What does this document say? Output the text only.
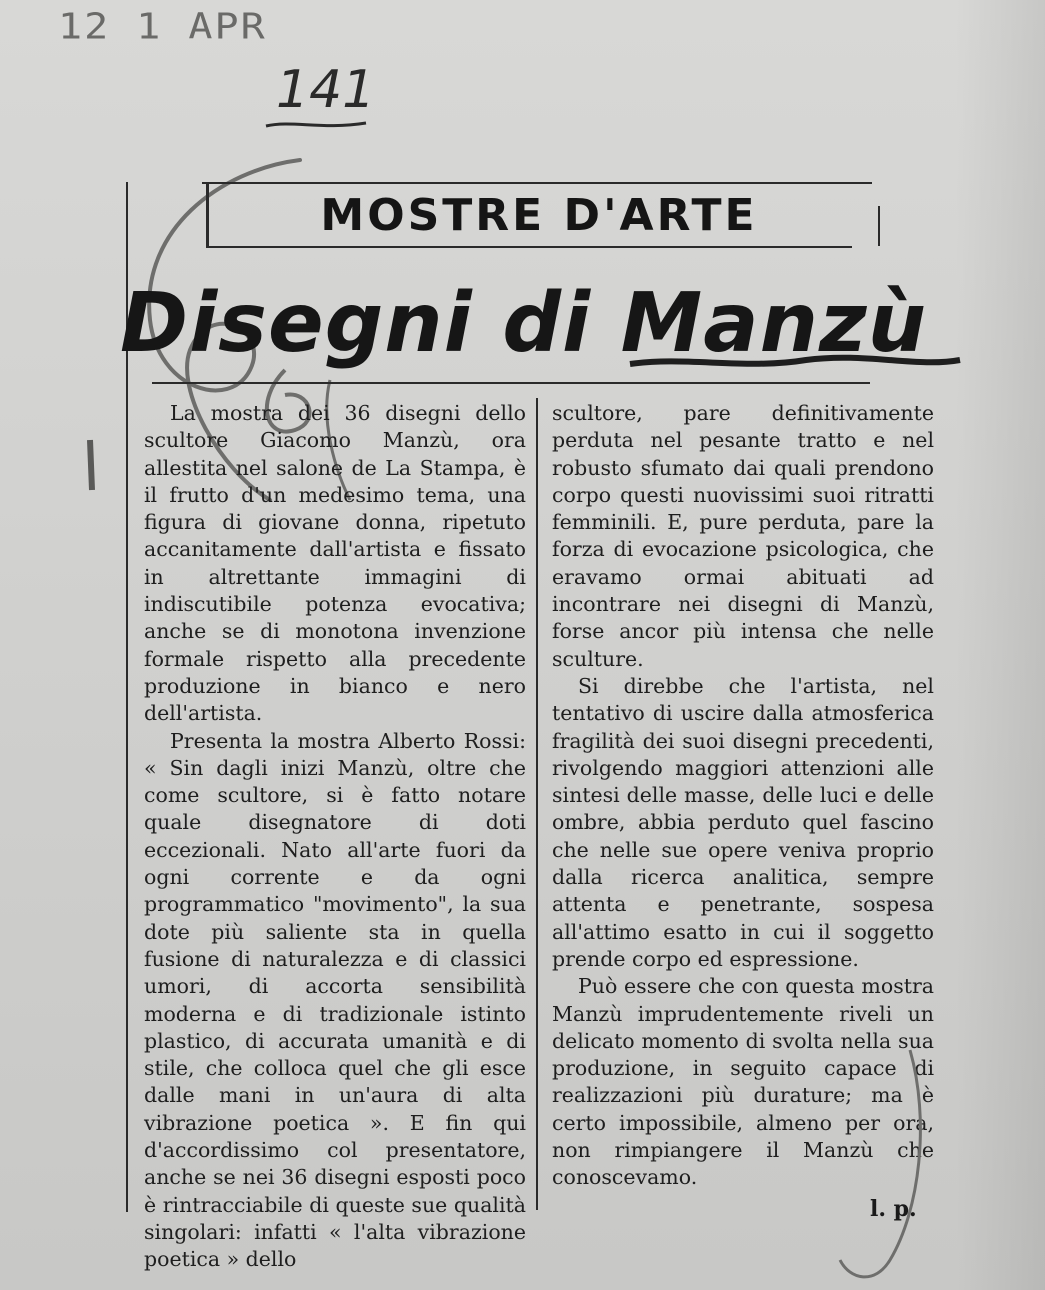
12 1 APR
141
MOSTRE D'ARTE
Disegni di Manzù

La mostra dei 36 disegni dello scultore Giacomo Manzù, ora allestita nel salone de La Stampa, è il frutto d'un medesimo tema, una figura di giovane donna, ripetuto accanitamente dall'artista e fissato in altrettante immagini di indiscutibile potenza evocativa; anche se di monotona invenzione formale rispetto alla precedente produzione in bianco e nero dell'artista.

Presenta la mostra Alberto Rossi: « Sin dagli inizi Manzù, oltre che come scultore, si è fatto notare quale disegnatore di doti eccezionali. Nato all'arte fuori da ogni corrente e da ogni programmatico "movimento", la sua dote più saliente sta in quella fusione di naturalezza e di classici umori, di accorta sensibilità moderna e di tradizionale istinto plastico, di accurata umanità e di stile, che colloca quel che gli esce dalle mani in un'aura di alta vibrazione poetica ». E fin qui d'accordissimo col presentatore, anche se nei 36 disegni esposti poco è rintracciabile di queste sue qualità singolari: infatti « l'alta vibrazione poetica » dello

scultore, pare definitivamente perduta nel pesante tratto e nel robusto sfumato dai quali prendono corpo questi nuovissimi suoi ritratti femminili. E, pure perduta, pare la forza di evocazione psicologica, che eravamo ormai abituati ad incontrare nei disegni di Manzù, forse ancor più intensa che nelle sculture.

Si direbbe che l'artista, nel tentativo di uscire dalla atmosferica fragilità dei suoi disegni precedenti, rivolgendo maggiori attenzioni alle sintesi delle masse, delle luci e delle ombre, abbia perduto quel fascino che nelle sue opere veniva proprio dalla ricerca analitica, sempre attenta e penetrante, sospesa all'attimo esatto in cui il soggetto prende corpo ed espressione.

Può essere che con questa mostra Manzù imprudentemente riveli un delicato momento di svolta nella sua produzione, in seguito capace di realizzazioni più durature; ma è certo impossibile, almeno per ora, non rimpiangere il Manzù che conoscevamo.

l. p.
